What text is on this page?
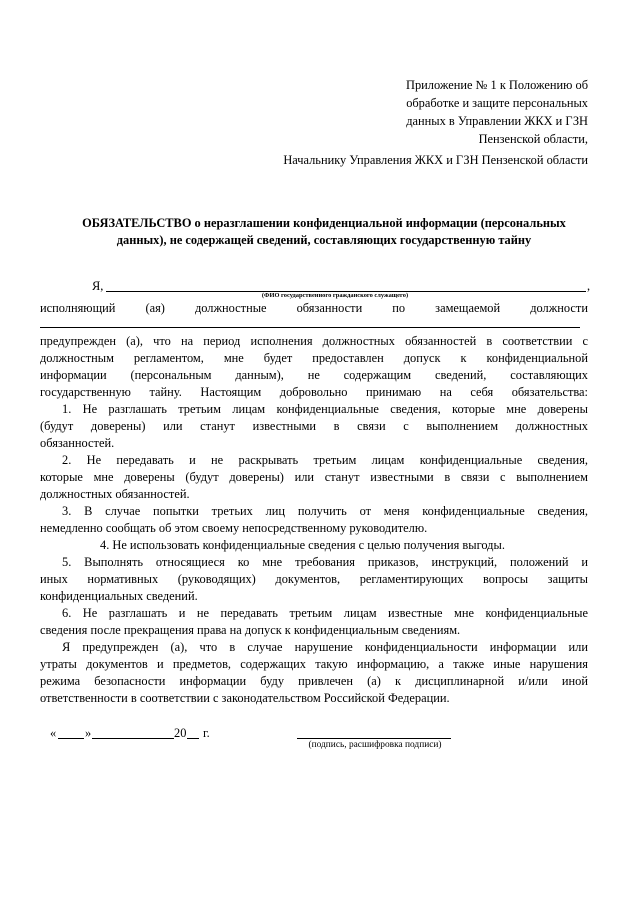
Приложение № 1 к Положению об
обработке и защите персональных
данных в Управлении ЖКХ и ГЗН
Пензенской области,
Начальнику Управления ЖКХ и ГЗН Пензенской области
ОБЯЗАТЕЛЬСТВО о неразглашении конфиденциальной информации (персональных
данных), не содержащей сведений, составляющих государственную тайну
Я,	,
(ФИО государственного гражданского служащего)
исполняющий (ая) должностные обязанности по замещаемой должности
предупрежден (а), что на период исполнения должностных обязанностей в соответствии с
должностным регламентом, мне будет предоставлен допуск к конфиденциальной
информации (персональным данным), не содержащим сведений, составляющих
государственную тайну. Настоящим добровольно принимаю на себя обязательства:
1. Не разглашать третьим лицам конфиденциальные сведения, которые мне доверены
(будут доверены) или станут известными в связи с выполнением должностных
обязанностей.
2. Не передавать и не раскрывать третьим лицам конфиденциальные сведения,
которые мне доверены (будут доверены) или станут известными в связи с выполнением
должностных обязанностей.
3. В случае попытки третьих лиц получить от меня конфиденциальные сведения,
немедленно сообщать об этом своему непосредственному руководителю.
4. Не использовать конфиденциальные сведения с целью получения выгоды.
5. Выполнять относящиеся ко мне требования приказов, инструкций, положений и
иных нормативных (руководящих) документов, регламентирующих вопросы защиты
конфиденциальных сведений.
6. Не разглашать и не передавать третьим лицам известные мне конфиденциальные
сведения после прекращения права на допуск к конфиденциальным сведениям.
Я предупрежден (а), что в случае нарушение конфиденциальности информации или
утраты документов и предметов, содержащих такую информацию, а также иные нарушения
режима безопасности информации буду привлечен (а) к дисциплинарной и/или иной
ответственности в соответствии с законодательством Российской Федерации.
« »	20 г.
(подпись, расшифровка подписи)
